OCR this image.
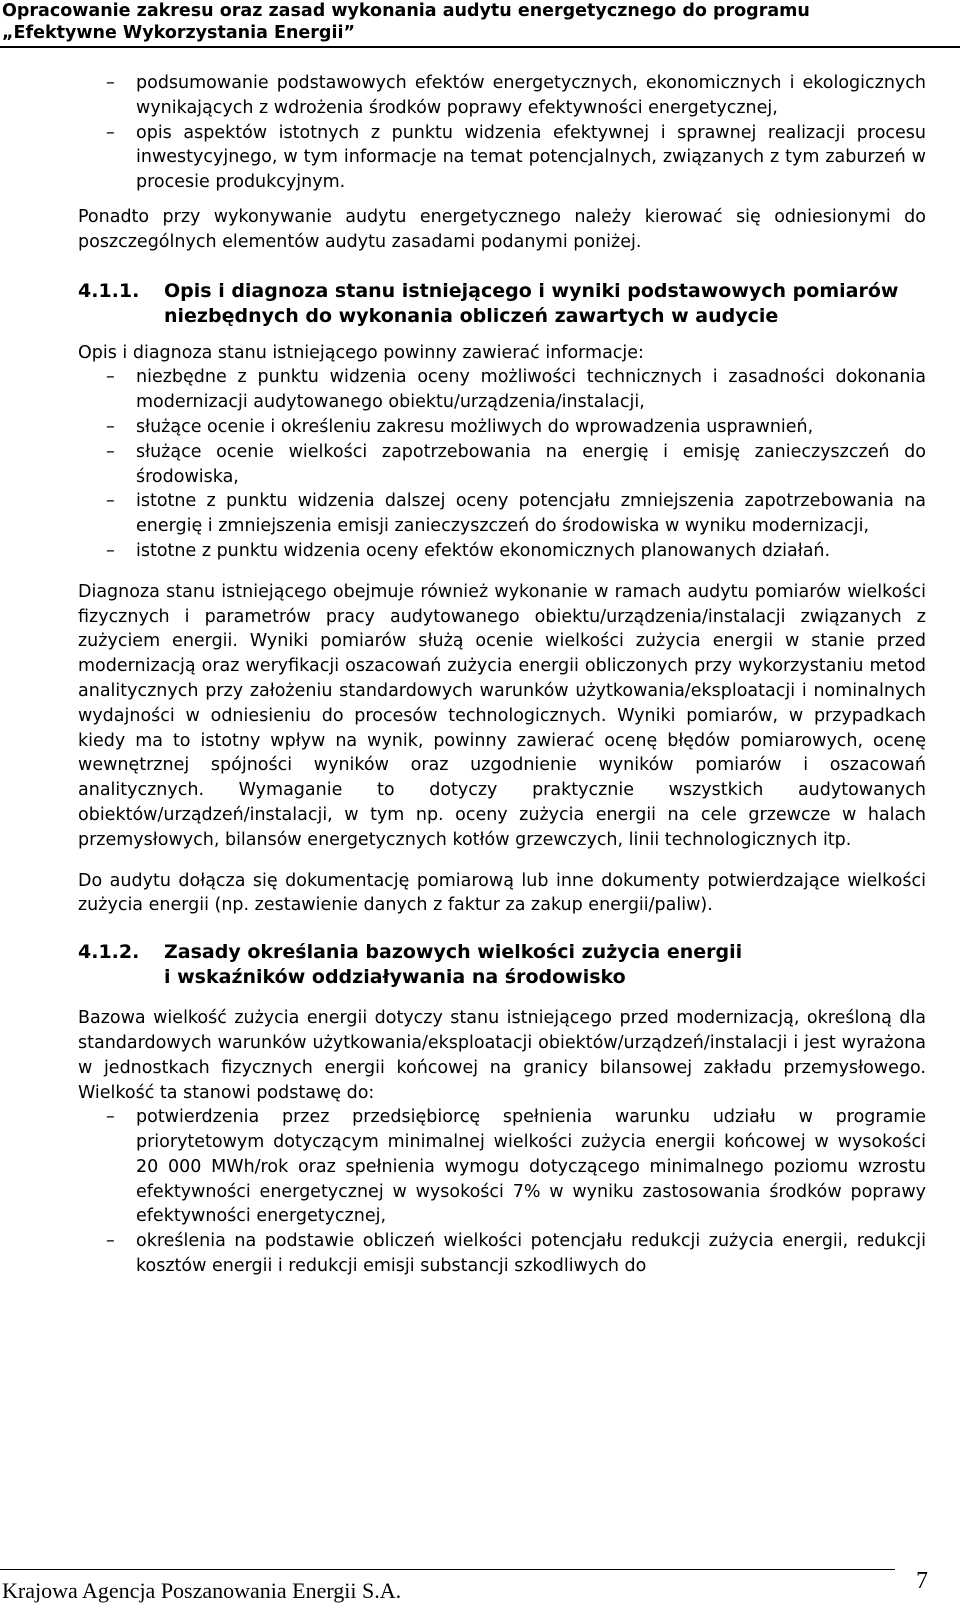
Opracowanie zakresu oraz zasad wykonania audytu energetycznego do programu
„Efektywne Wykorzystania Energii”
– podsumowanie podstawowych efektów energetycznych, ekonomicznych i ekologicznych wynikających z wdrożenia środków poprawy efektywności energetycznej,
– opis aspektów istotnych z punktu widzenia efektywnej i sprawnej realizacji procesu inwestycyjnego, w tym informacje na temat potencjalnych, związanych z tym zaburzeń w procesie produkcyjnym.

Ponadto przy wykonywanie audytu energetycznego należy kierować się odniesionymi do poszczególnych elementów audytu zasadami podanymi poniżej.

4.1.1.	Opis i diagnoza stanu istniejącego i wyniki podstawowych pomiarów niezbędnych do wykonania obliczeń zawartych w audycie

Opis i diagnoza stanu istniejącego powinny zawierać informacje:

– niezbędne z punktu widzenia oceny możliwości technicznych i zasadności dokonania modernizacji audytowanego obiektu/urządzenia/instalacji,
– służące ocenie i określeniu zakresu możliwych do wprowadzenia usprawnień,
– służące ocenie wielkości zapotrzebowania na energię i emisję zanieczyszczeń do środowiska,
– istotne z punktu widzenia dalszej oceny potencjału zmniejszenia zapotrzebowania na energię i zmniejszenia emisji zanieczyszczeń do środowiska w wyniku modernizacji,
– istotne z punktu widzenia oceny efektów ekonomicznych planowanych działań.

Diagnoza stanu istniejącego obejmuje również wykonanie w ramach audytu pomiarów wielkości fizycznych i parametrów pracy audytowanego obiektu/urządzenia/instalacji związanych z zużyciem energii. Wyniki pomiarów służą ocenie wielkości zużycia energii w stanie przed modernizacją oraz weryfikacji oszacowań zużycia energii obliczonych przy wykorzystaniu metod analitycznych przy założeniu standardowych warunków użytkowania/eksploatacji i nominalnych wydajności w odniesieniu do procesów technologicznych. Wyniki pomiarów, w przypadkach kiedy ma to istotny wpływ na wynik, powinny zawierać ocenę błędów pomiarowych, ocenę wewnętrznej spójności wyników oraz uzgodnienie wyników pomiarów i oszacowań analitycznych. Wymaganie to dotyczy praktycznie wszystkich audytowanych obiektów/urządzeń/instalacji, w tym np. oceny zużycia energii na cele grzewcze w halach przemysłowych, bilansów energetycznych kotłów grzewczych, linii technologicznych itp.

Do audytu dołącza się dokumentację pomiarową lub inne dokumenty potwierdzające wielkości zużycia energii (np. zestawienie danych z faktur za zakup energii/paliw).

4.1.2.	Zasady określania bazowych wielkości zużycia energii
i wskaźników oddziaływania na środowisko

Bazowa wielkość zużycia energii dotyczy stanu istniejącego przed modernizacją, określoną dla standardowych warunków użytkowania/eksploatacji obiektów/urządzeń/instalacji i jest wyrażona w jednostkach fizycznych energii końcowej na granicy bilansowej zakładu przemysłowego. Wielkość ta stanowi podstawę do:

– potwierdzenia przez przedsiębiorcę spełnienia warunku udziału w programie priorytetowym dotyczącym minimalnej wielkości zużycia energii końcowej w wysokości 20 000 MWh/rok oraz spełnienia wymogu dotyczącego minimalnego poziomu wzrostu efektywności energetycznej w wysokości 7% w wyniku zastosowania środków poprawy efektywności energetycznej,
– określenia na podstawie obliczeń wielkości potencjału redukcji zużycia energii, redukcji kosztów energii i redukcji emisji substancji szkodliwych do
Krajowa Agencja Poszanowania Energii S.A.	7
